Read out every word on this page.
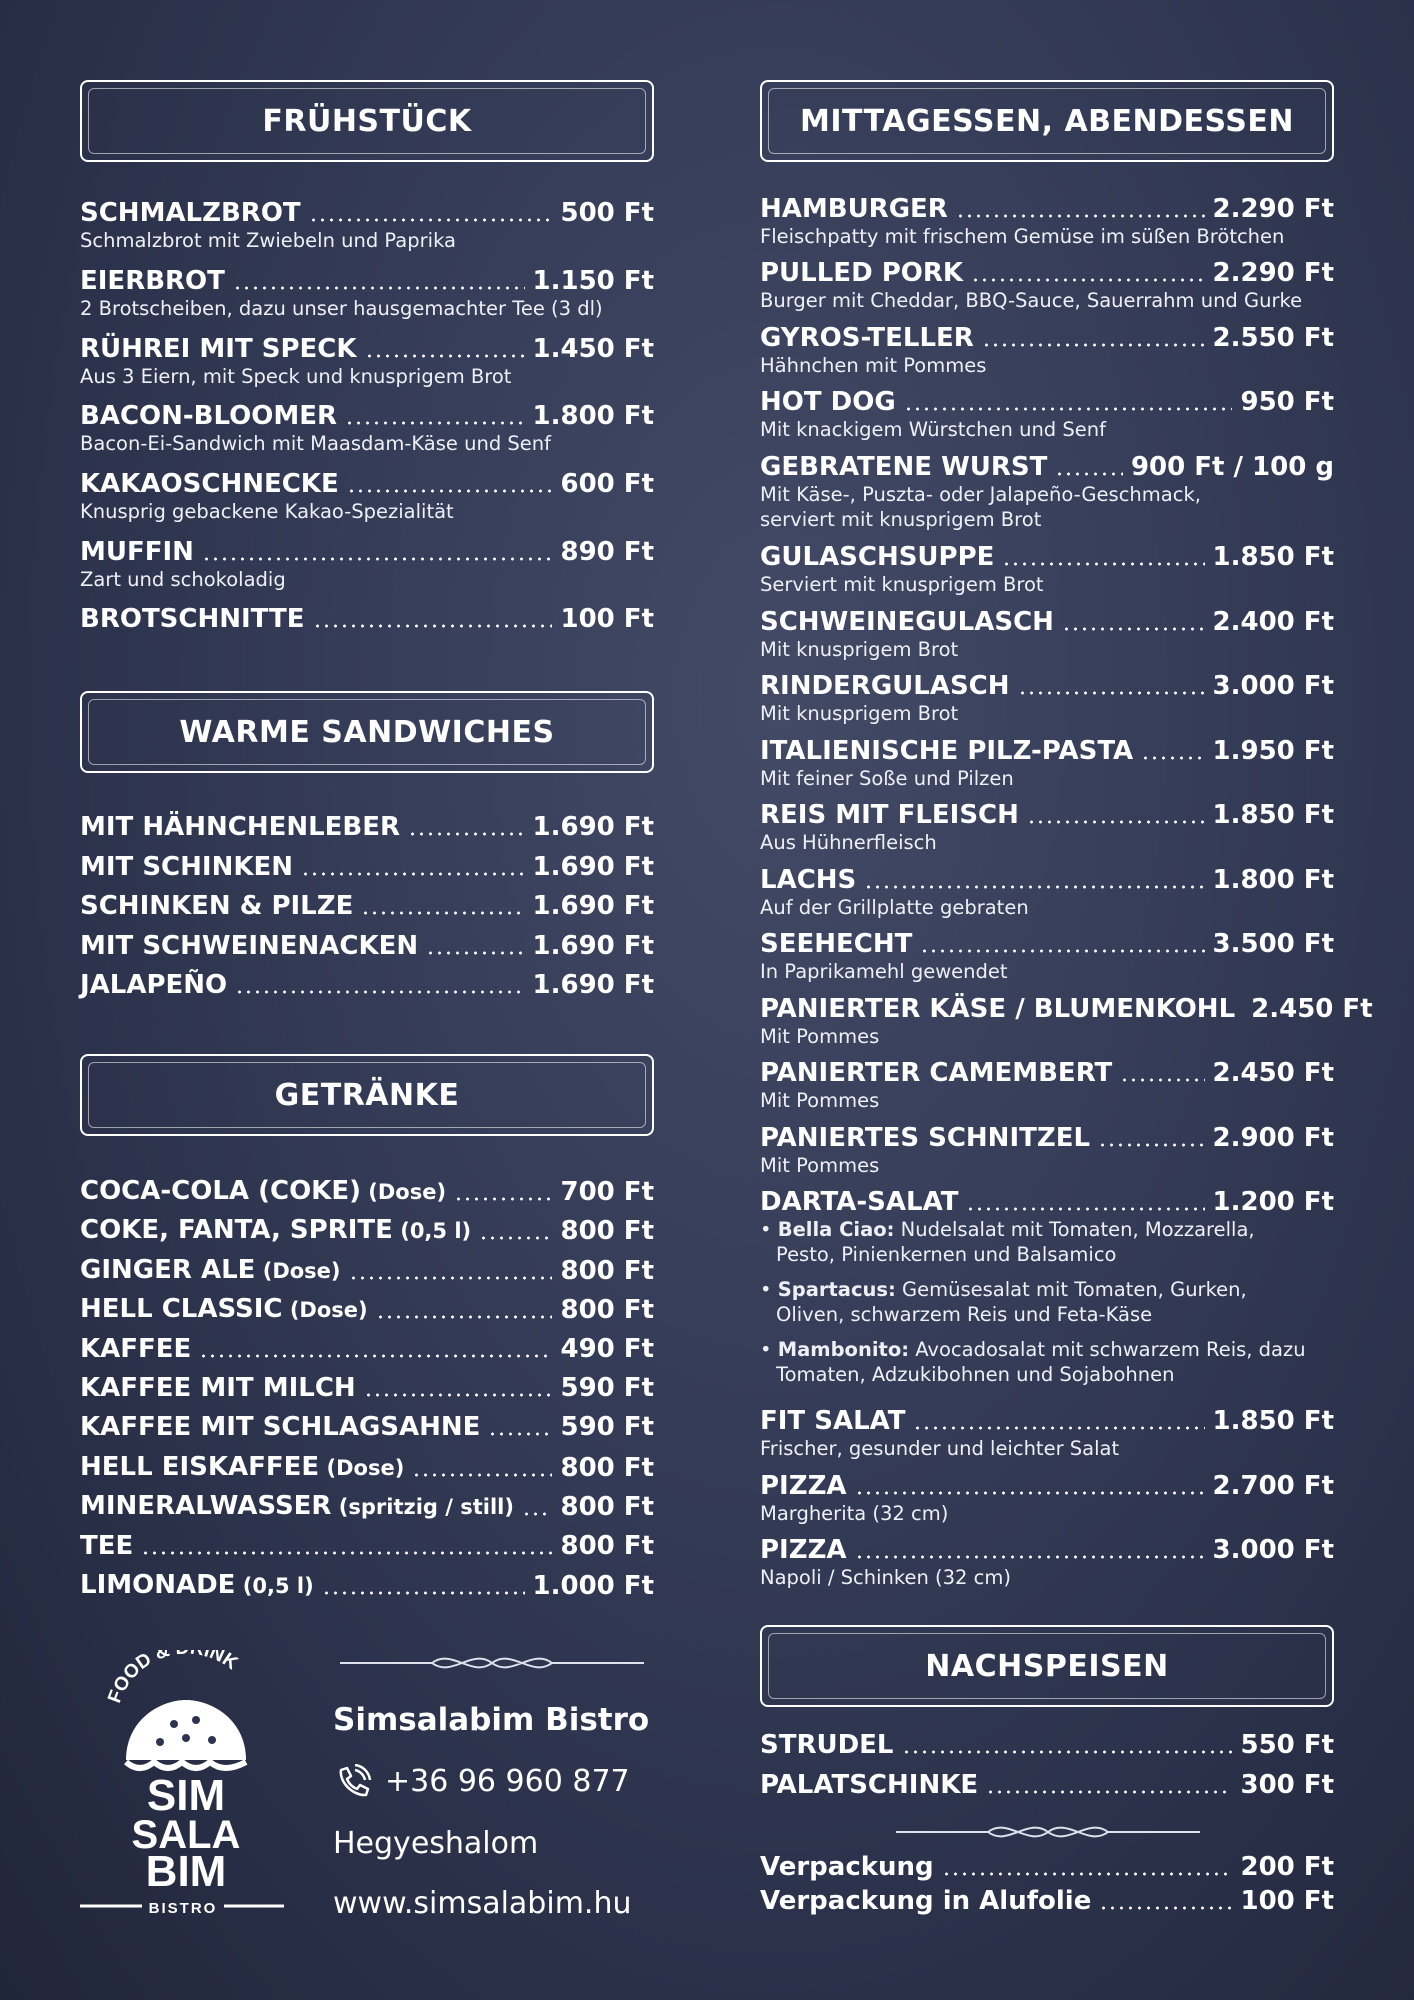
FRÜHSTÜCK
SCHMALZBROT	500 Ft
Schmalzbrot mit Zwiebeln und Paprika
EIERBROT	1.150 Ft
2 Brotscheiben, dazu unser hausgemachter Tee (3 dl)
RÜHREI MIT SPECK	1.450 Ft
Aus 3 Eiern, mit Speck und knusprigem Brot
BACON-BLOOMER	1.800 Ft
Bacon-Ei-Sandwich mit Maasdam-Käse und Senf
KAKAOSCHNECKE	600 Ft
Knusprig gebackene Kakao-Spezialität
MUFFIN	890 Ft
Zart und schokoladig
BROTSCHNITTE	100 Ft
WARME SANDWICHES
MIT HÄHNCHENLEBER	1.690 Ft
MIT SCHINKEN	1.690 Ft
SCHINKEN & PILZE	1.690 Ft
MIT SCHWEINENACKEN	1.690 Ft
JALAPEÑO	1.690 Ft
GETRÄNKE
COCA-COLA (COKE) (Dose)	700 Ft
COKE, FANTA, SPRITE (0,5 l)	800 Ft
GINGER ALE (Dose)	800 Ft
HELL CLASSIC (Dose)	800 Ft
KAFFEE	490 Ft
KAFFEE MIT MILCH	590 Ft
KAFFEE MIT SCHLAGSAHNE	590 Ft
HELL EISKAFFEE (Dose)	800 Ft
MINERALWASSER (spritzig / still) 800 Ft
TEE	800 Ft
LIMONADE (0,5 l)	1.000 Ft
FOOD & INK
SIM
SALA
BIM
BISTRO
Simsalabim Bistro
+36 96 960 877
Hegyeshalom
www.simsalabim.hu
MITTAGESSEN, ABENDESSEN
HAMBURGER	2.290 Ft
Fleischpatty mit frischem Gemüse im süßen Brötchen
PULLED PORK	2.290 Ft
Burger mit Cheddar, BBQ-Sauce, Sauerrahm und Gurke
GYROS-TELLER	2.550 Ft
Hähnchen mit Pommes
HOT DOG	950 Ft
Mit knackigem Würstchen und Senf
GEBRATENE WURST	900 Ft / 100 g
Mit Käse-, Puszta- oder Jalapeño-Geschmack,
serviert mit knusprigem Brot
GULASCHSUPPE	1.850 Ft
Serviert mit knusprigem Brot
SCHWEINEGULASCH	2.400 Ft
Mit knusprigem Brot
RINDERGULASCH	3.000 Ft
Mit knusprigem Brot
ITALIENISCHE PILZ-PASTA	1.950 Ft
Mit feiner Soße und Pilzen
REIS MIT FLEISCH	1.850 Ft
Aus Hühnerfleisch
LACHS	1.800 Ft
Auf der Grillplatte gebraten
SEEHECHT	3.500 Ft
In Paprikamehl gewendet
PANIERTER KÄSE / BLUMENKOHL 2.450 Ft
Mit Pommes
PANIERTER CAMEMBERT	2.450 Ft
Mit Pommes
PANIERTES SCHNITZEL	2.900 Ft
Mit Pommes
DARTA-SALAT	1.200 Ft
• Bella Ciao: Nudelsalat mit Tomaten, Mozzarella, Pesto, Pinienkernen und Balsamico
• Spartacus: Gemüsesalat mit Tomaten, Gurken, Oliven, schwarzem Reis und Feta-Käse
• Mambonito: Avocadosalat mit schwarzem Reis, dazu Tomaten, Adzukibohnen und Sojabohnen
FIT SALAT	1.850 Ft
Frischer, gesunder und leichter Salat
PIZZA	2.700 Ft
Margherita (32 cm)
PIZZA	3.000 Ft
Napoli / Schinken (32 cm)
NACHSPEISEN
STRUDEL	550 Ft
PALATSCHINKE	300 Ft
Verpackung	200 Ft
Verpackung in Alufolie	100 Ft
